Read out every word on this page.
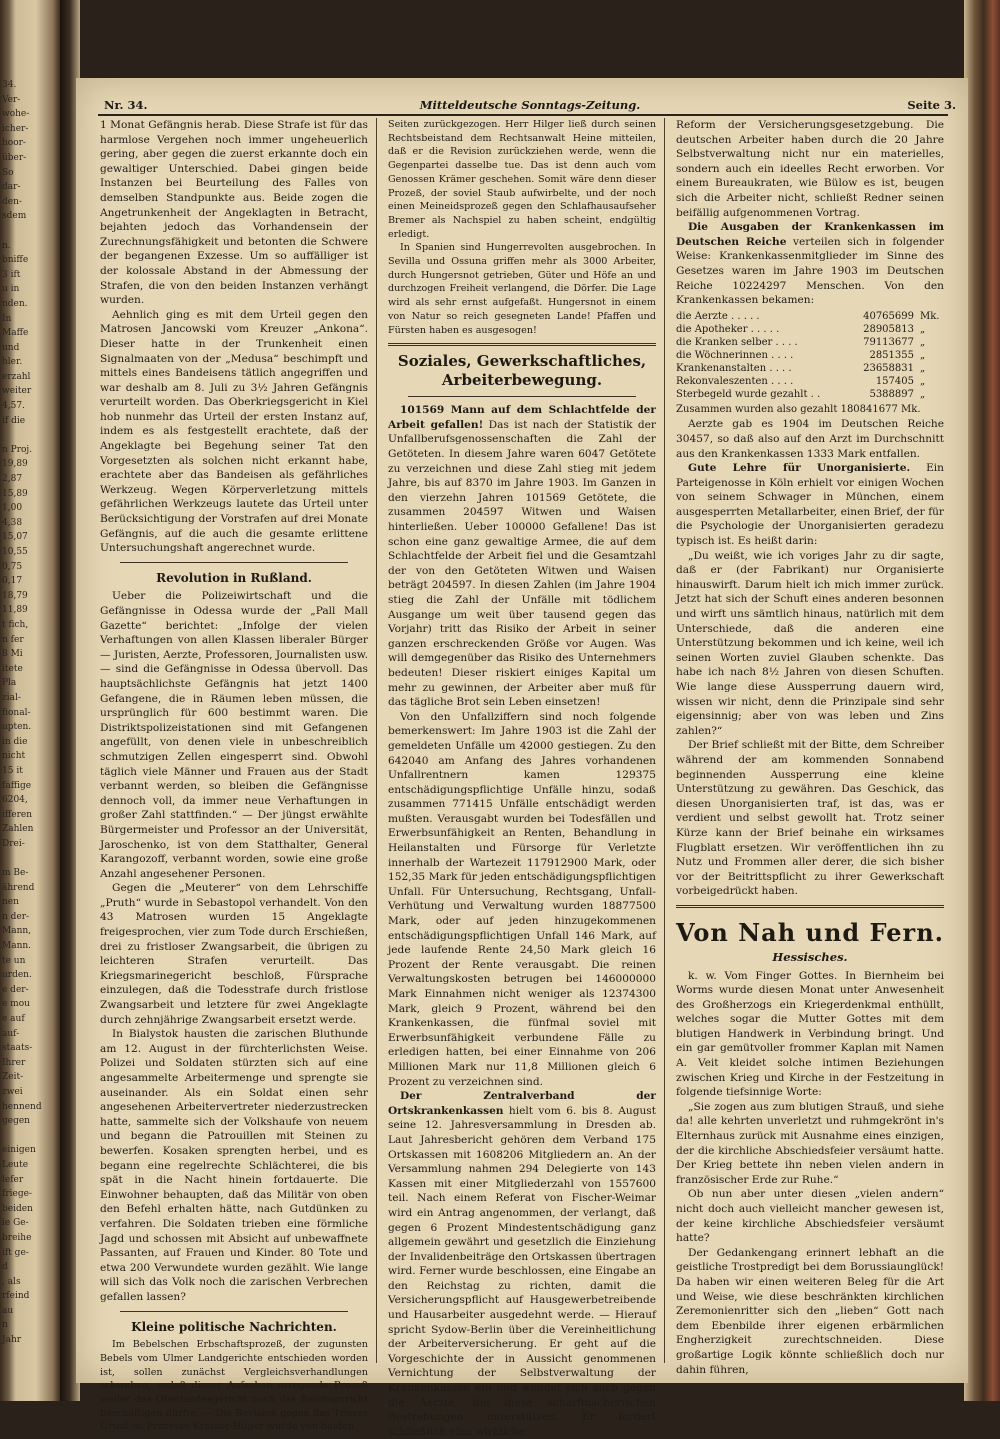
34.
Ver-
wohe-
icher-
hoor-
über-
So
dar-
den-
sdem

n.
bniffe
3 ift
u in
nden.
In
Maffe
und
hler.
erzahl
weiter
4,57.
if die

n Proj.
19,89
2,87
15,89
1,00
4,38
15,07
10,55
0,75
0,17
18,79
11,89
t fich,
n fer
8 Mi
itete
Pla
zial-
fional-
upten.
in die
nicht
15 it
faffige
6204,
ifferen
Zahlen
Drei-

m Be-
ährend
nen
n der-
Mann,
Mann.
te un
urden.
e der-
e mou
e auf
auf-
staats-
Ihrer
Zeit-
zwei
hennend
gegen

einigen
Leute
lefer
friege-
beiden
ie Ge-
breihe
ift ge-
d
, als
rfeind
au
n
Jahr
Nr. 34.	Mitteldeutsche Sonntags-Zeitung.	Seite 3.

1 Monat Gefängnis herab. Diese Strafe ist für das harmlose Vergehen noch immer ungeheuerlich gering, aber gegen die zuerst erkannte doch ein gewaltiger Unterschied. Dabei gingen beide Instanzen bei Beurteilung des Falles von demselben Standpunkte aus. Beide zogen die Angetrunkenheit der Angeklagten in Betracht, bejahten jedoch das Vorhandensein der Zurechnungsfähigkeit und betonten die Schwere der begangenen Exzesse. Um so auffälliger ist der kolossale Abstand in der Abmessung der Strafen, die von den beiden Instanzen verhängt wurden.

Aehnlich ging es mit dem Urteil gegen den Matrosen Jancowski vom Kreuzer „Ankona“. Dieser hatte in der Trunkenheit einen Signalmaaten von der „Medusa“ beschimpft und mittels eines Bandeisens tätlich angegriffen und war deshalb am 8. Juli zu 3½ Jahren Gefängnis verurteilt worden. Das Oberkriegsgericht in Kiel hob nunmehr das Urteil der ersten Instanz auf, indem es als festgestellt erachtete, daß der Angeklagte bei Begehung seiner Tat den Vorgesetzten als solchen nicht erkannt habe, erachtete aber das Bandeisen als gefährliches Werkzeug. Wegen Körperverletzung mittels gefährlichen Werkzeugs lautete das Urteil unter Berücksichtigung der Vorstrafen auf drei Monate Gefängnis, auf die auch die gesamte erlittene Untersuchungshaft angerechnet wurde.

Revolution in Rußland.

Ueber die Polizeiwirtschaft und die Gefängnisse in Odessa wurde der „Pall Mall Gazette“ berichtet: „Infolge der vielen Verhaftungen von allen Klassen liberaler Bürger — Juristen, Aerzte, Professoren, Journalisten usw. — sind die Gefängnisse in Odessa übervoll. Das hauptsächlichste Gefängnis hat jetzt 1400 Gefangene, die in Räumen leben müssen, die ursprünglich für 600 bestimmt waren. Die Distriktspolizeistationen sind mit Gefangenen angefüllt, von denen viele in unbeschreiblich schmutzigen Zellen eingesperrt sind. Obwohl täglich viele Männer und Frauen aus der Stadt verbannt werden, so bleiben die Gefängnisse dennoch voll, da immer neue Verhaftungen in großer Zahl stattfinden.“ — Der jüngst erwählte Bürgermeister und Professor an der Universität, Jaroschenko, ist von dem Statthalter, General Karangozoff, verbannt worden, sowie eine große Anzahl angesehener Personen.

Gegen die „Meuterer“ von dem Lehrschiffe „Pruth“ wurde in Sebastopol verhandelt. Von den 43 Matrosen wurden 15 Angeklagte freigesprochen, vier zum Tode durch Erschießen, drei zu fristloser Zwangsarbeit, die übrigen zu leichteren Strafen verurteilt. Das Kriegsmarinegericht beschloß, Fürsprache einzulegen, daß die Todesstrafe durch fristlose Zwangsarbeit und letztere für zwei Angeklagte durch zehnjährige Zwangsarbeit ersetzt werde.

In Bialystok hausten die zarischen Bluthunde am 12. August in der fürchterlichsten Weise. Polizei und Soldaten stürzten sich auf eine angesammelte Arbeitermenge und sprengte sie auseinander. Als ein Soldat einen sehr angesehenen Arbeitervertreter niederzustrecken hatte, sammelte sich der Volkshaufe von neuem und begann die Patrouillen mit Steinen zu bewerfen. Kosaken sprengten herbei, und es begann eine regelrechte Schlächterei, die bis spät in die Nacht hinein fortdauerte. Die Einwohner behaupten, daß das Militär von oben den Befehl erhalten hätte, nach Gutdünken zu verfahren. Die Soldaten trieben eine förmliche Jagd und schossen mit Absicht auf unbewaffnete Passanten, auf Frauen und Kinder. 80 Tote und etwa 200 Verwundete wurden gezählt. Wie lange will sich das Volk noch die zarischen Verbrechen gefallen lassen?

Kleine politische Nachrichten.

Im Bebelschen Erbschaftsprozeß, der zugunsten Bebels vom Ulmer Landgerichte entschieden worden ist, sollen zunächst Vergleichsverhandlungen schweben, sodaß dieser Aufsehen erregende Prozeß weder das Oberlandesgericht noch das Reichsgericht beschäftigen dürfte. — Die Revision gegen das Trierer Urteil im Prozesse Krämer-Hilger wurde von beiden

Seiten zurückgezogen. Herr Hilger ließ durch seinen Rechtsbeistand dem Rechtsanwalt Heine mitteilen, daß er die Revision zurückziehen werde, wenn die Gegenpartei dasselbe tue. Das ist denn auch vom Genossen Krämer geschehen. Somit wäre denn dieser Prozeß, der soviel Staub aufwirbelte, und der noch einen Meineidsprozeß gegen den Schlafhausaufseher Bremer als Nachspiel zu haben scheint, endgültig erledigt.

In Spanien sind Hungerrevolten ausgebrochen. In Sevilla und Ossuna griffen mehr als 3000 Arbeiter, durch Hungersnot getrieben, Güter und Höfe an und durchzogen Freiheit verlangend, die Dörfer. Die Lage wird als sehr ernst aufgefaßt. Hungersnot in einem von Natur so reich gesegneten Lande! Pfaffen und Fürsten haben es ausgesogen!

Soziales, Gewerkschaftliches, Arbeiterbewegung.

101569 Mann auf dem Schlachtfelde der Arbeit gefallen! Das ist nach der Statistik der Unfallberufsgenossenschaften die Zahl der Getöteten. In diesem Jahre waren 6047 Getötete zu verzeichnen und diese Zahl stieg mit jedem Jahre, bis auf 8370 im Jahre 1903. Im Ganzen in den vierzehn Jahren 101569 Getötete, die zusammen 204597 Witwen und Waisen hinterließen. Ueber 100000 Gefallene! Das ist schon eine ganz gewaltige Armee, die auf dem Schlachtfelde der Arbeit fiel und die Gesamtzahl der von den Getöteten Witwen und Waisen beträgt 204597. In diesen Zahlen (im Jahre 1904 stieg die Zahl der Unfälle mit tödlichem Ausgange um weit über tausend gegen das Vorjahr) tritt das Risiko der Arbeit in seiner ganzen erschreckenden Größe vor Augen. Was will demgegenüber das Risiko des Unternehmers bedeuten! Dieser riskiert einiges Kapital um mehr zu gewinnen, der Arbeiter aber muß für das tägliche Brot sein Leben einsetzen!

Von den Unfallziffern sind noch folgende bemerkenswert: Im Jahre 1903 ist die Zahl der gemeldeten Unfälle um 42000 gestiegen. Zu den 642040 am Anfang des Jahres vorhandenen Unfallrentnern kamen 129375 entschädigungspflichtige Unfälle hinzu, sodaß zusammen 771415 Unfälle entschädigt werden mußten. Verausgabt wurden bei Todesfällen und Erwerbsunfähigkeit an Renten, Behandlung in Heilanstalten und Fürsorge für Verletzte innerhalb der Wartezeit 117912900 Mark, oder 152,35 Mark für jeden entschädigungspflichtigen Unfall. Für Untersuchung, Rechtsgang, Unfall-Verhütung und Verwaltung wurden 18877500 Mark, oder auf jeden hinzugekommenen entschädigungspflichtigen Unfall 146 Mark, auf jede laufende Rente 24,50 Mark gleich 16 Prozent der Rente verausgabt. Die reinen Verwaltungskosten betrugen bei 146000000 Mark Einnahmen nicht weniger als 12374300 Mark, gleich 9 Prozent, während bei den Krankenkassen, die fünfmal soviel mit Erwerbsunfähigkeit verbundene Fälle zu erledigen hatten, bei einer Einnahme von 206 Millionen Mark nur 11,8 Millionen gleich 6 Prozent zu verzeichnen sind.

Der Zentralverband der Ortskrankenkassen hielt vom 6. bis 8. August seine 12. Jahresversammlung in Dresden ab. Laut Jahresbericht gehören dem Verband 175 Ortskassen mit 1608206 Mitgliedern an. An der Versammlung nahmen 294 Delegierte von 143 Kassen mit einer Mitgliederzahl von 1557600 teil. Nach einem Referat von Fischer-Weimar wird ein Antrag angenommen, der verlangt, daß gegen 6 Prozent Mindestentschädigung ganz allgemein gewährt und gesetzlich die Einziehung der Invalidenbeiträge den Ortskassen übertragen wird. Ferner wurde beschlossen, eine Eingabe an den Reichstag zu richten, damit die Versicherungspflicht auf Hausgewerbetreibende und Hausarbeiter ausgedehnt werde. — Hierauf spricht Sydow-Berlin über die Vereinheitlichung der Arbeiterversicherung. Er geht auf die Vorgeschichte der in Aussicht genommenen Vernichtung der Selbstverwaltung der Krankenkassen ein und wendet sich auch gegen die Aerzte, die diese scharfmacherischen Bestrebungen unterstützen. Er fordert schließlich eine wirkliche

Reform der Versicherungsgesetzgebung. Die deutschen Arbeiter haben durch die 20 Jahre Selbstverwaltung nicht nur ein materielles, sondern auch ein ideelles Recht erworben. Vor einem Bureaukraten, wie Bülow es ist, beugen sich die Arbeiter nicht, schließt Redner seinen beifällig aufgenommenen Vortrag.

Die Ausgaben der Krankenkassen im Deutschen Reiche verteilen sich in folgender Weise: Krankenkassenmitglieder im Sinne des Gesetzes waren im Jahre 1903 im Deutschen Reiche 10224297 Menschen. Von den Krankenkassen bekamen:

die Aerzte . . . . .	40765699	Mk.
die Apotheker . . . . .	28905813	„
die Kranken selber . . . .	79113677	„
die Wöchnerinnen . . . .	2851355	„
Krankenanstalten . . . .	23658831	„
Rekonvaleszenten . . . .	157405	„
Sterbegeld wurde gezahlt . .	5388897	„

Zusammen wurden also gezahlt 180841677 Mk.

Aerzte gab es 1904 im Deutschen Reiche 30457, so daß also auf den Arzt im Durchschnitt aus den Krankenkassen 1333 Mark entfallen.

Gute Lehre für Unorganisierte. Ein Parteigenosse in Köln erhielt vor einigen Wochen von seinem Schwager in München, einem ausgesperrten Metallarbeiter, einen Brief, der für die Psychologie der Unorganisierten geradezu typisch ist. Es heißt darin:

„Du weißt, wie ich voriges Jahr zu dir sagte, daß er (der Fabrikant) nur Organisierte hinauswirft. Darum hielt ich mich immer zurück. Jetzt hat sich der Schuft eines anderen besonnen und wirft uns sämtlich hinaus, natürlich mit dem Unterschiede, daß die anderen eine Unterstützung bekommen und ich keine, weil ich seinen Worten zuviel Glauben schenkte. Das habe ich nach 8½ Jahren von diesen Schuften. Wie lange diese Aussperrung dauern wird, wissen wir nicht, denn die Prinzipale sind sehr eigensinnig; aber von was leben und Zins zahlen?“

Der Brief schließt mit der Bitte, dem Schreiber während der am kommenden Sonnabend beginnenden Aussperrung eine kleine Unterstützung zu gewähren. Das Geschick, das diesen Unorganisierten traf, ist das, was er verdient und selbst gewollt hat. Trotz seiner Kürze kann der Brief beinahe ein wirksames Flugblatt ersetzen. Wir veröffentlichen ihn zu Nutz und Frommen aller derer, die sich bisher vor der Beitrittspflicht zu ihrer Gewerkschaft vorbeigedrückt haben.

Von Nah und Fern.
Hessisches.

k. w. Vom Finger Gottes. In Biernheim bei Worms wurde diesen Monat unter Anwesenheit des Großherzogs ein Kriegerdenkmal enthüllt, welches sogar die Mutter Gottes mit dem blutigen Handwerk in Verbindung bringt. Und ein gar gemütvoller frommer Kaplan mit Namen A. Veit kleidet solche intimen Beziehungen zwischen Krieg und Kirche in der Festzeitung in folgende tiefsinnige Worte:

„Sie zogen aus zum blutigen Strauß, und siehe da! alle kehrten unverletzt und ruhmgekrönt in's Elternhaus zurück mit Ausnahme eines einzigen, der die kirchliche Abschiedsfeier versäumt hatte. Der Krieg bettete ihn neben vielen andern in französischer Erde zur Ruhe.“

Ob nun aber unter diesen „vielen andern“ nicht doch auch vielleicht mancher gewesen ist, der keine kirchliche Abschiedsfeier versäumt hatte?

Der Gedankengang erinnert lebhaft an die geistliche Trostpredigt bei dem Borussiaunglück! Da haben wir einen weiteren Beleg für die Art und Weise, wie diese beschränkten kirchlichen Zeremonienritter sich den „lieben“ Gott nach dem Ebenbilde ihrer eigenen erbärmlichen Engherzigkeit zurechtschneiden. Diese großartige Logik könnte schließlich doch nur dahin führen,
